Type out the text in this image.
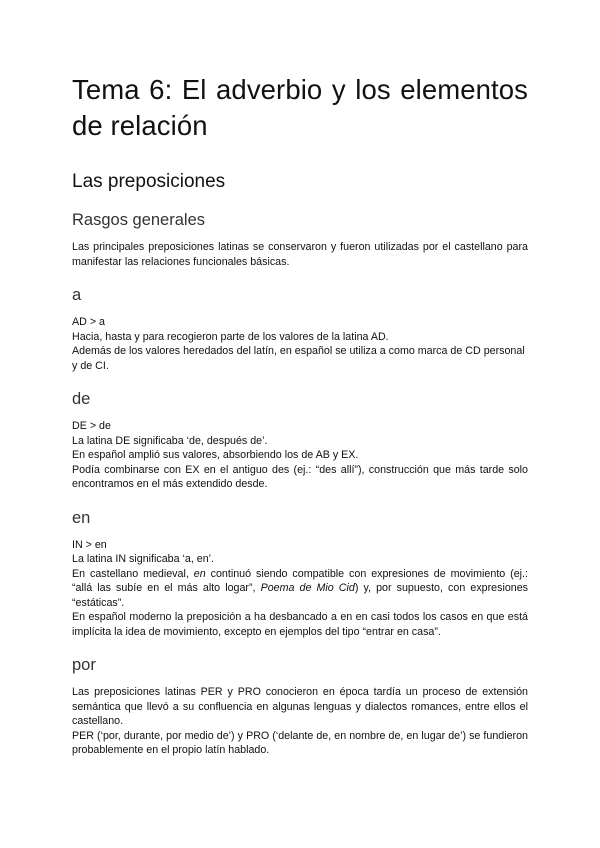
Tema 6: El adverbio y los elementos de relación
Las preposiciones
Rasgos generales

Las principales preposiciones latinas se conservaron y fueron utilizadas por el castellano para manifestar las relaciones funcionales básicas.

a

AD > a
Hacia, hasta y para recogieron parte de los valores de la latina AD.

Además de los valores heredados del latín, en español se utiliza a como marca de CD personal y de CI.

de

DE > de
La latina DE significaba ‘de, después de’.
En español amplió sus valores, absorbiendo los de AB y EX.

Podía combinarse con EX en el antiguo des (ej.: “des allí”), construcción que más tarde solo encontramos en el más extendido desde.

en

IN > en
La latina IN significaba ‘a, en’.

En castellano medieval, en continuó siendo compatible con expresiones de movimiento (ej.: “allá las subíe en el más alto logar”, Poema de Mio Cid) y, por supuesto, con expresiones “estáticas”.

En español moderno la preposición a ha desbancado a en en casi todos los casos en que está implícita la idea de movimiento, excepto en ejemplos del tipo “entrar en casa”.

por

Las preposiciones latinas PER y PRO conocieron en época tardía un proceso de extensión semántica que llevó a su confluencia en algunas lenguas y dialectos romances, entre ellos el castellano.

PER (‘por, durante, por medio de’) y PRO (‘delante de, en nombre de, en lugar de’) se fundieron probablemente en el propio latín hablado.
